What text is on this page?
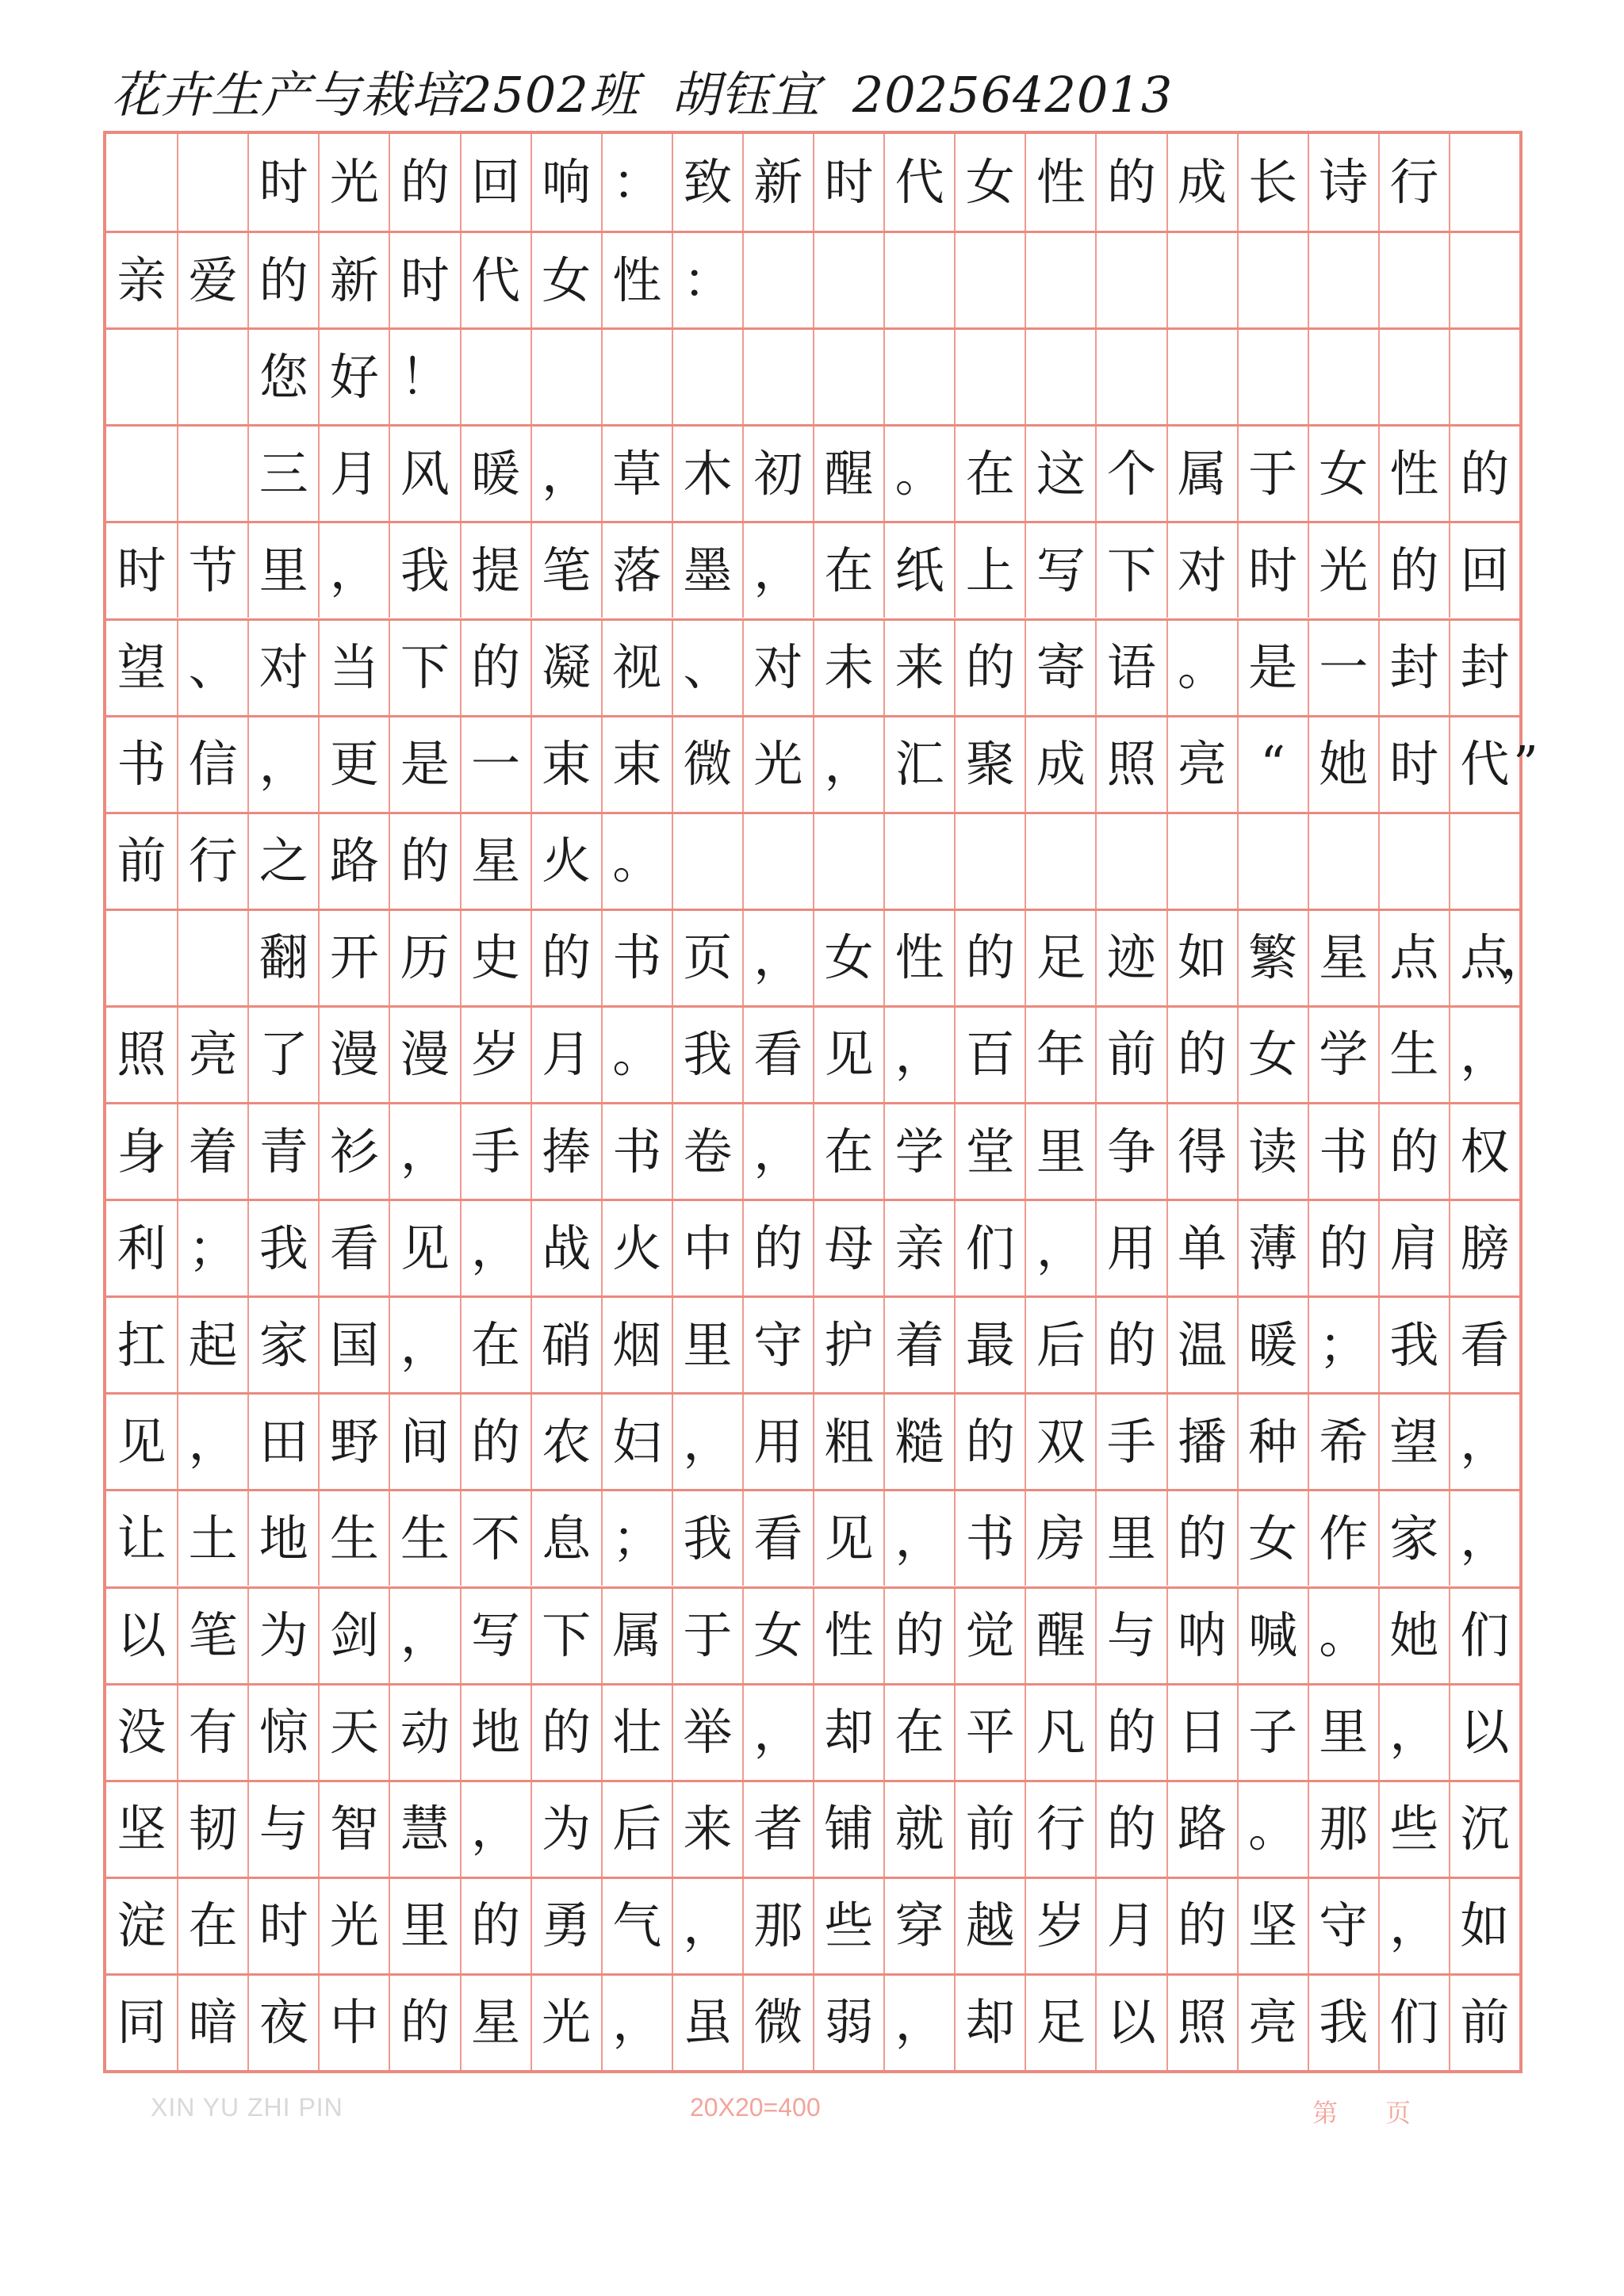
花卉生产与栽培2502班 胡钰宜 2025642013
时 光 的 回 响 ： 致 新 时 代 女 性 的 成 长 诗 行
亲 爱 的 新 时 代 女 性 ：
您 好 ！
三 月 风 暖 ， 草 木 初 醒 。 在 这 个 属 于 女 性 的
时 节 里 ， 我 提 笔 落 墨 ， 在 纸 上 写 下 对 时 光 的 回
望 、 对 当 下 的 凝 视 、 对 未 来 的 寄 语 。 是 一 封 封
书 信 ， 更 是 一 束 束 微 光 ， 汇 聚 成 照 亮 “ 她 时 代 ”
前 行 之 路 的 星 火 。
翻 开 历 史 的 书 页 ， 女 性 的 足 迹 如 繁 星 点 点
，
照 亮 了 漫 漫 岁 月 。 我 看 见 ， 百 年 前 的 女 学 生 ，
身 着 青 衫 ， 手 捧 书 卷 ， 在 学 堂 里 争 得 读 书 的 权
利 ； 我 看 见 ， 战 火 中 的 母 亲 们 ， 用 单 薄 的 肩 膀
扛 起 家 国 ， 在 硝 烟 里 守 护 着 最 后 的 温 暖 ； 我 看
见 ， 田 野 间 的 农 妇 ， 用 粗 糙 的 双 手 播 种 希 望 ，
让 土 地 生 生 不 息 ； 我 看 见 ， 书 房 里 的 女 作 家 ，
以 笔 为 剑 ， 写 下 属 于 女 性 的 觉 醒 与 呐 喊 。 她 们
没 有 惊 天 动 地 的 壮 举 ， 却 在 平 凡 的 日 子 里 ， 以
坚 韧 与 智 慧 ， 为 后 来 者 铺 就 前 行 的 路 。 那 些 沉
淀 在 时 光 里 的 勇 气 ， 那 些 穿 越 岁 月 的 坚 守 ， 如
同 暗 夜 中 的 星 光 ， 虽 微 弱 ， 却 足 以 照 亮 我 们 前
XIN YU ZHI PIN	20X20=400	第 页
